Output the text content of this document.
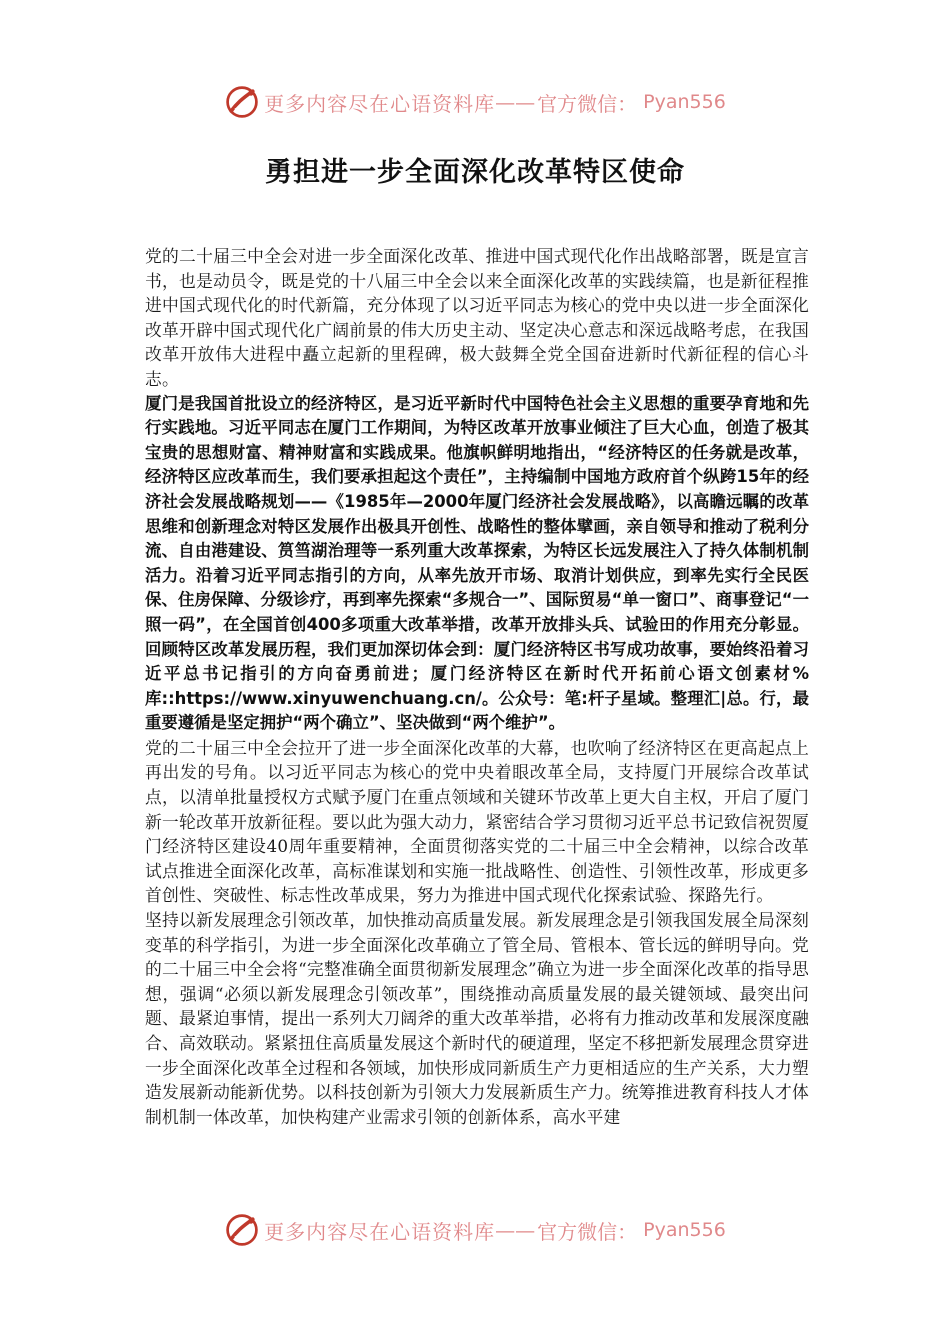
更多内容尽在心语资料库 —— 官方微信： Pyan556
勇担进一步全面深化改革特区使命

党的二十届三中全会对进一步全面深化改革、推进中国式现代化作出战略部署，既是宣言书，也是动员令，既是党的十八届三中全会以来全面深化改革的实践续篇，也是新征程推进中国式现代化的时代新篇，充分体现了以习近平同志为核心的党中央以进一步全面深化改革开辟中国式现代化广阔前景的伟大历史主动、坚定决心意志和深远战略考虑，在我国改革开放伟大进程中矗立起新的里程碑，极大鼓舞全党全国奋进新时代新征程的信心斗志。

厦门是我国首批设立的经济特区，是习近平新时代中国特色社会主义思想的重要孕育地和先行实践地。习近平同志在厦门工作期间，为特区改革开放事业倾注了巨大心血，创造了极其宝贵的思想财富、精神财富和实践成果。他旗帜鲜明地指出，“经济特区的任务就是改革，经济特区应改革而生，我们要承担起这个责任”，主持编制中国地方政府首个纵跨15年的经济社会发展战略规划——《1985年—2000年厦门经济社会发展战略》，以高瞻远瞩的改革思维和创新理念对特区发展作出极具开创性、战略性的整体擘画，亲自领导和推动了税利分流、自由港建设、筼筜湖治理等一系列重大改革探索，为特区长远发展注入了持久体制机制活力。沿着习近平同志指引的方向，从率先放开市场、取消计划供应，到率先实行全民医保、住房保障、分级诊疗，再到率先探索“多规合一”、国际贸易“单一窗口”、商事登记“一照一码”，在全国首创400多项重大改革举措，改革开放排头兵、试验田的作用充分彰显。回顾特区改革发展历程，我们更加深切体会到：厦门经济特区书写成功故事，要始终沿着习近平总书记指引的方向奋勇前进；厦门经济特区在新时代开拓前心语文创素材%库::https://www.xinyuwenchuang.cn/。公众号：笔:杆子星域。整理汇|总。行，最重要遵循是坚定拥护“两个确立”、坚决做到“两个维护”。

党的二十届三中全会拉开了进一步全面深化改革的大幕，也吹响了经济特区在更高起点上再出发的号角。以习近平同志为核心的党中央着眼改革全局，支持厦门开展综合改革试点，以清单批量授权方式赋予厦门在重点领域和关键环节改革上更大自主权，开启了厦门新一轮改革开放新征程。要以此为强大动力，紧密结合学习贯彻习近平总书记致信祝贺厦门经济特区建设40周年重要精神，全面贯彻落实党的二十届三中全会精神，以综合改革试点推进全面深化改革，高标准谋划和实施一批战略性、创造性、引领性改革，形成更多首创性、突破性、标志性改革成果，努力为推进中国式现代化探索试验、探路先行。

坚持以新发展理念引领改革，加快推动高质量发展。新发展理念是引领我国发展全局深刻变革的科学指引，为进一步全面深化改革确立了管全局、管根本、管长远的鲜明导向。党的二十届三中全会将“完整准确全面贯彻新发展理念”确立为进一步全面深化改革的指导思想，强调“必须以新发展理念引领改革”，围绕推动高质量发展的最关键领域、最突出问题、最紧迫事情，提出一系列大刀阔斧的重大改革举措，必将有力推动改革和发展深度融合、高效联动。紧紧扭住高质量发展这个新时代的硬道理，坚定不移把新发展理念贯穿进一步全面深化改革全过程和各领域，加快形成同新质生产力更相适应的生产关系，大力塑造发展新动能新优势。以科技创新为引领大力发展新质生产力。统筹推进教育科技人才体制机制一体改革，加快构建产业需求引领的创新体系，高水平建

更多内容尽在心语资料库 —— 官方微信： Pyan556
